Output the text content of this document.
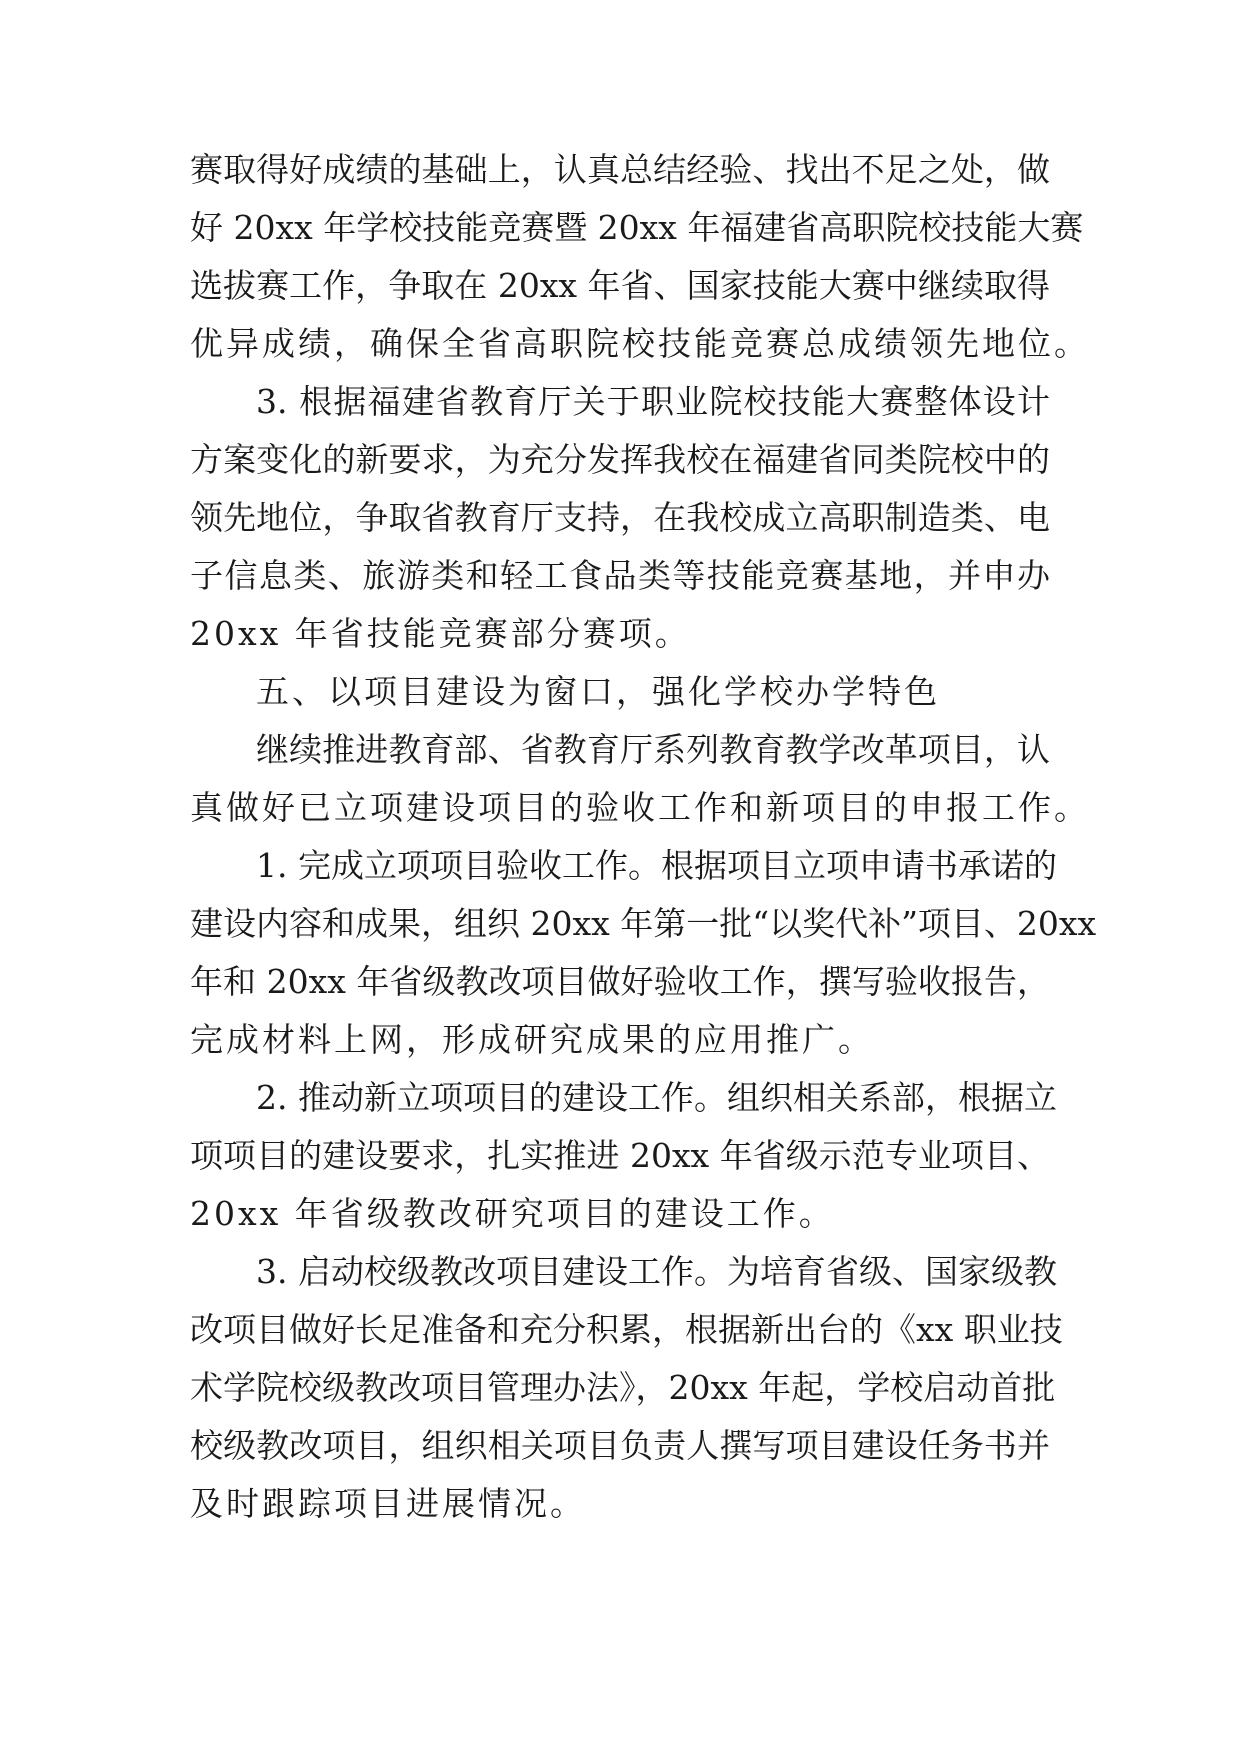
赛取得好成绩的基础上，认真总结经验、找出不足之处，做
好 20xx 年学校技能竞赛暨 20xx 年福建省高职院校技能大赛
选拔赛工作，争取在 20xx 年省、国家技能大赛中继续取得
优异成绩，确保全省高职院校技能竞赛总成绩领先地位。
3. 根据福建省教育厅关于职业院校技能大赛整体设计
方案变化的新要求，为充分发挥我校在福建省同类院校中的
领先地位，争取省教育厅支持，在我校成立高职制造类、电
子信息类、旅游类和轻工食品类等技能竞赛基地，并申办
20xx 年省技能竞赛部分赛项。
五、以项目建设为窗口，强化学校办学特色
继续推进教育部、省教育厅系列教育教学改革项目，认
真做好已立项建设项目的验收工作和新项目的申报工作。
1. 完成立项项目验收工作。根据项目立项申请书承诺的
建设内容和成果，组织 20xx 年第一批“以奖代补”项目、20xx
年和 20xx 年省级教改项目做好验收工作，撰写验收报告，
完成材料上网，形成研究成果的应用推广。
2. 推动新立项项目的建设工作。组织相关系部，根据立
项项目的建设要求，扎实推进 20xx 年省级示范专业项目、
20xx 年省级教改研究项目的建设工作。
3. 启动校级教改项目建设工作。为培育省级、国家级教
改项目做好长足准备和充分积累，根据新出台的《xx 职业技
术学院校级教改项目管理办法》，20xx 年起，学校启动首批
校级教改项目，组织相关项目负责人撰写项目建设任务书并
及时跟踪项目进展情况。
